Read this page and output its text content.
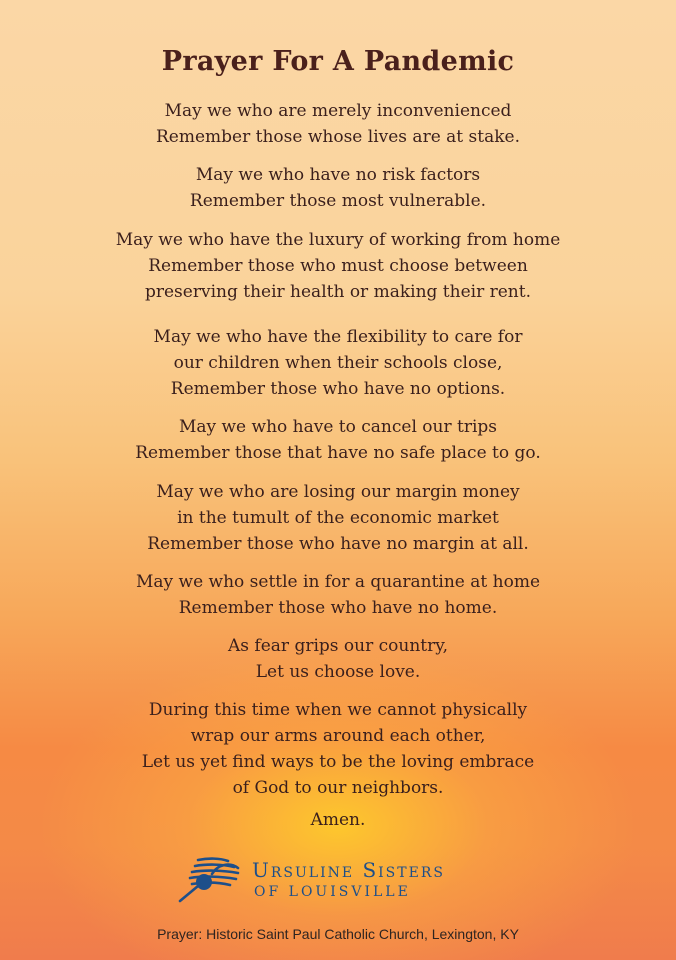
Prayer For A Pandemic

May we who are merely inconvenienced
Remember those whose lives are at stake.

May we who have no risk factors
Remember those most vulnerable.

May we who have the luxury of working from home
Remember those who must choose between
preserving their health or making their rent.

May we who have the flexibility to care for
our children when their schools close,
Remember those who have no options.

May we who have to cancel our trips
Remember those that have no safe place to go.

May we who are losing our margin money
in the tumult of the economic market
Remember those who have no margin at all.

May we who settle in for a quarantine at home
Remember those who have no home.

As fear grips our country,
Let us choose love.

During this time when we cannot physically
wrap our arms around each other,
Let us yet find ways to be the loving embrace
of God to our neighbors.

Amen.

Ursuline Sisters
OF LOUISVILLE
Prayer: Historic Saint Paul Catholic Church, Lexington, KY
